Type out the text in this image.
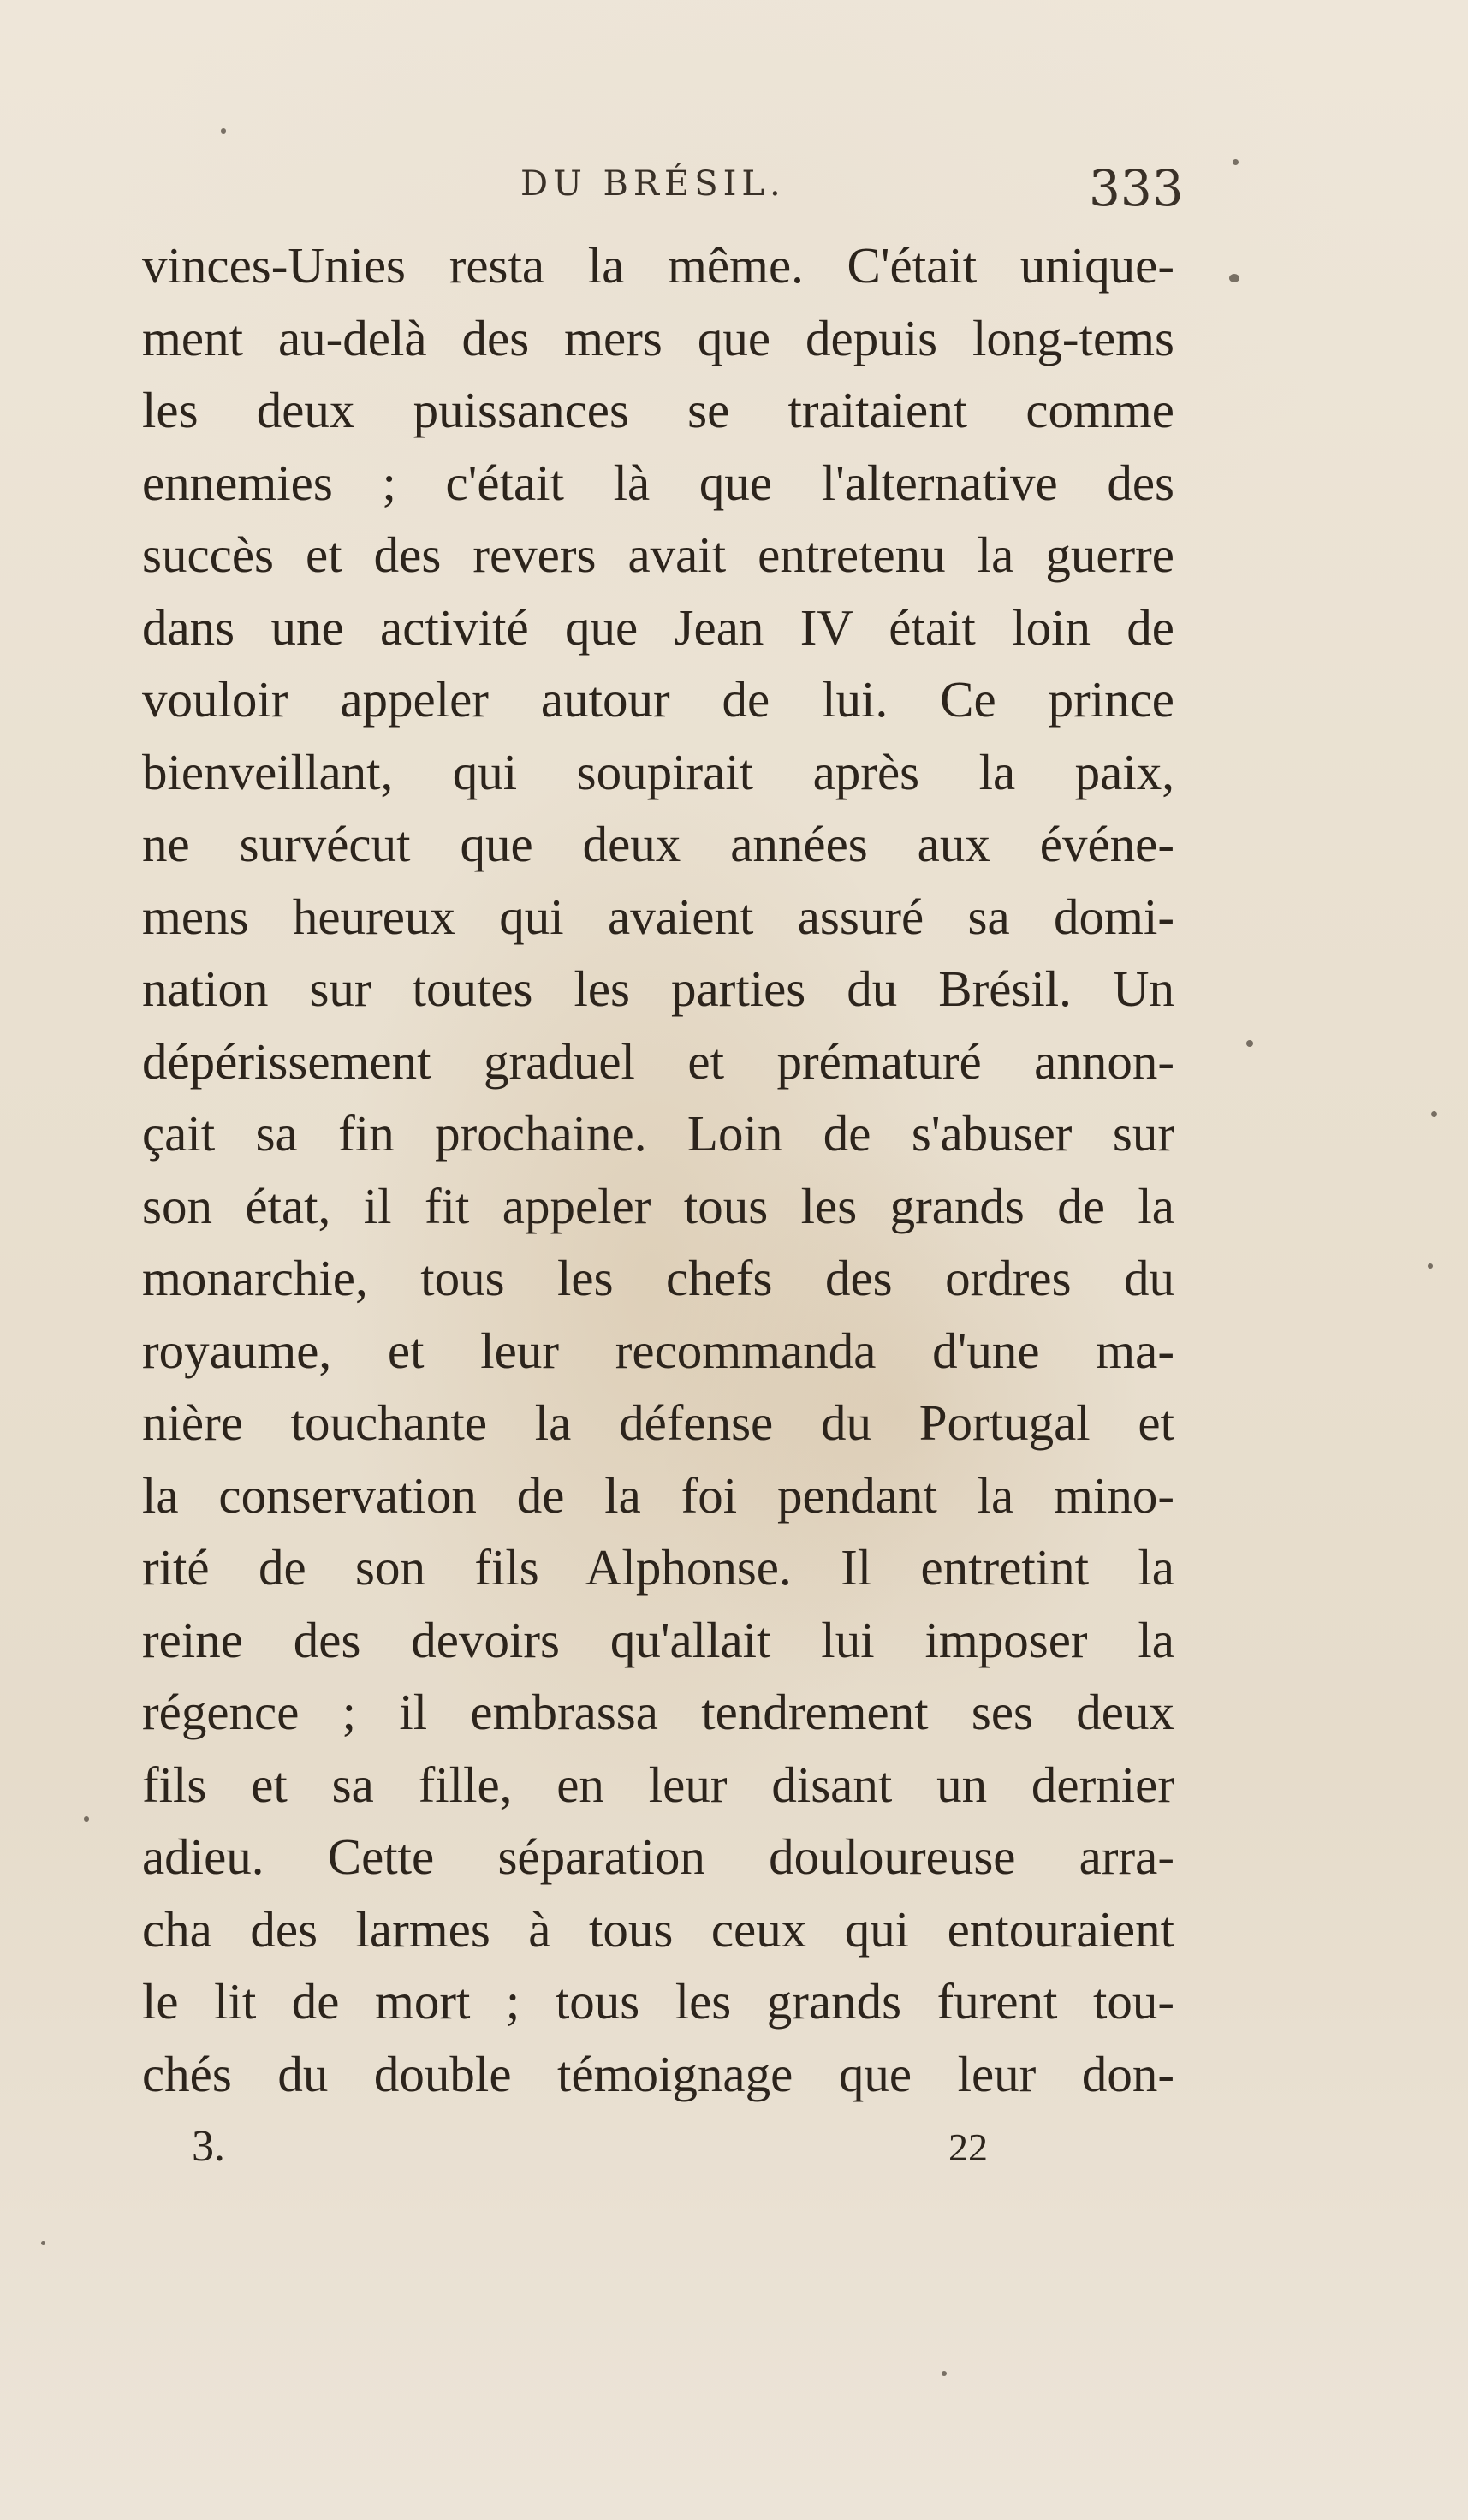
DU BRÉSIL.	333
vinces-Unies resta la même. C'était unique-
ment au-delà des mers que depuis long-tems
les deux puissances se traitaient comme
ennemies ; c'était là que l'alternative des
succès et des revers avait entretenu la guerre
dans une activité que Jean IV était loin de
vouloir appeler autour de lui. Ce prince
bienveillant, qui soupirait après la paix,
ne survécut que deux années aux événe-
mens heureux qui avaient assuré sa domi-
nation sur toutes les parties du Brésil. Un
dépérissement graduel et prématuré annon-
çait sa fin prochaine. Loin de s'abuser sur
son état, il fit appeler tous les grands de la
monarchie, tous les chefs des ordres du
royaume, et leur recommanda d'une ma-
nière touchante la défense du Portugal et
la conservation de la foi pendant la mino-
rité de son fils Alphonse. Il entretint la
reine des devoirs qu'allait lui imposer la
régence ; il embrassa tendrement ses deux
fils et sa fille, en leur disant un dernier
adieu. Cette séparation douloureuse arra-
cha des larmes à tous ceux qui entouraient
le lit de mort ; tous les grands furent tou-
chés du double témoignage que leur don-
3.	22
